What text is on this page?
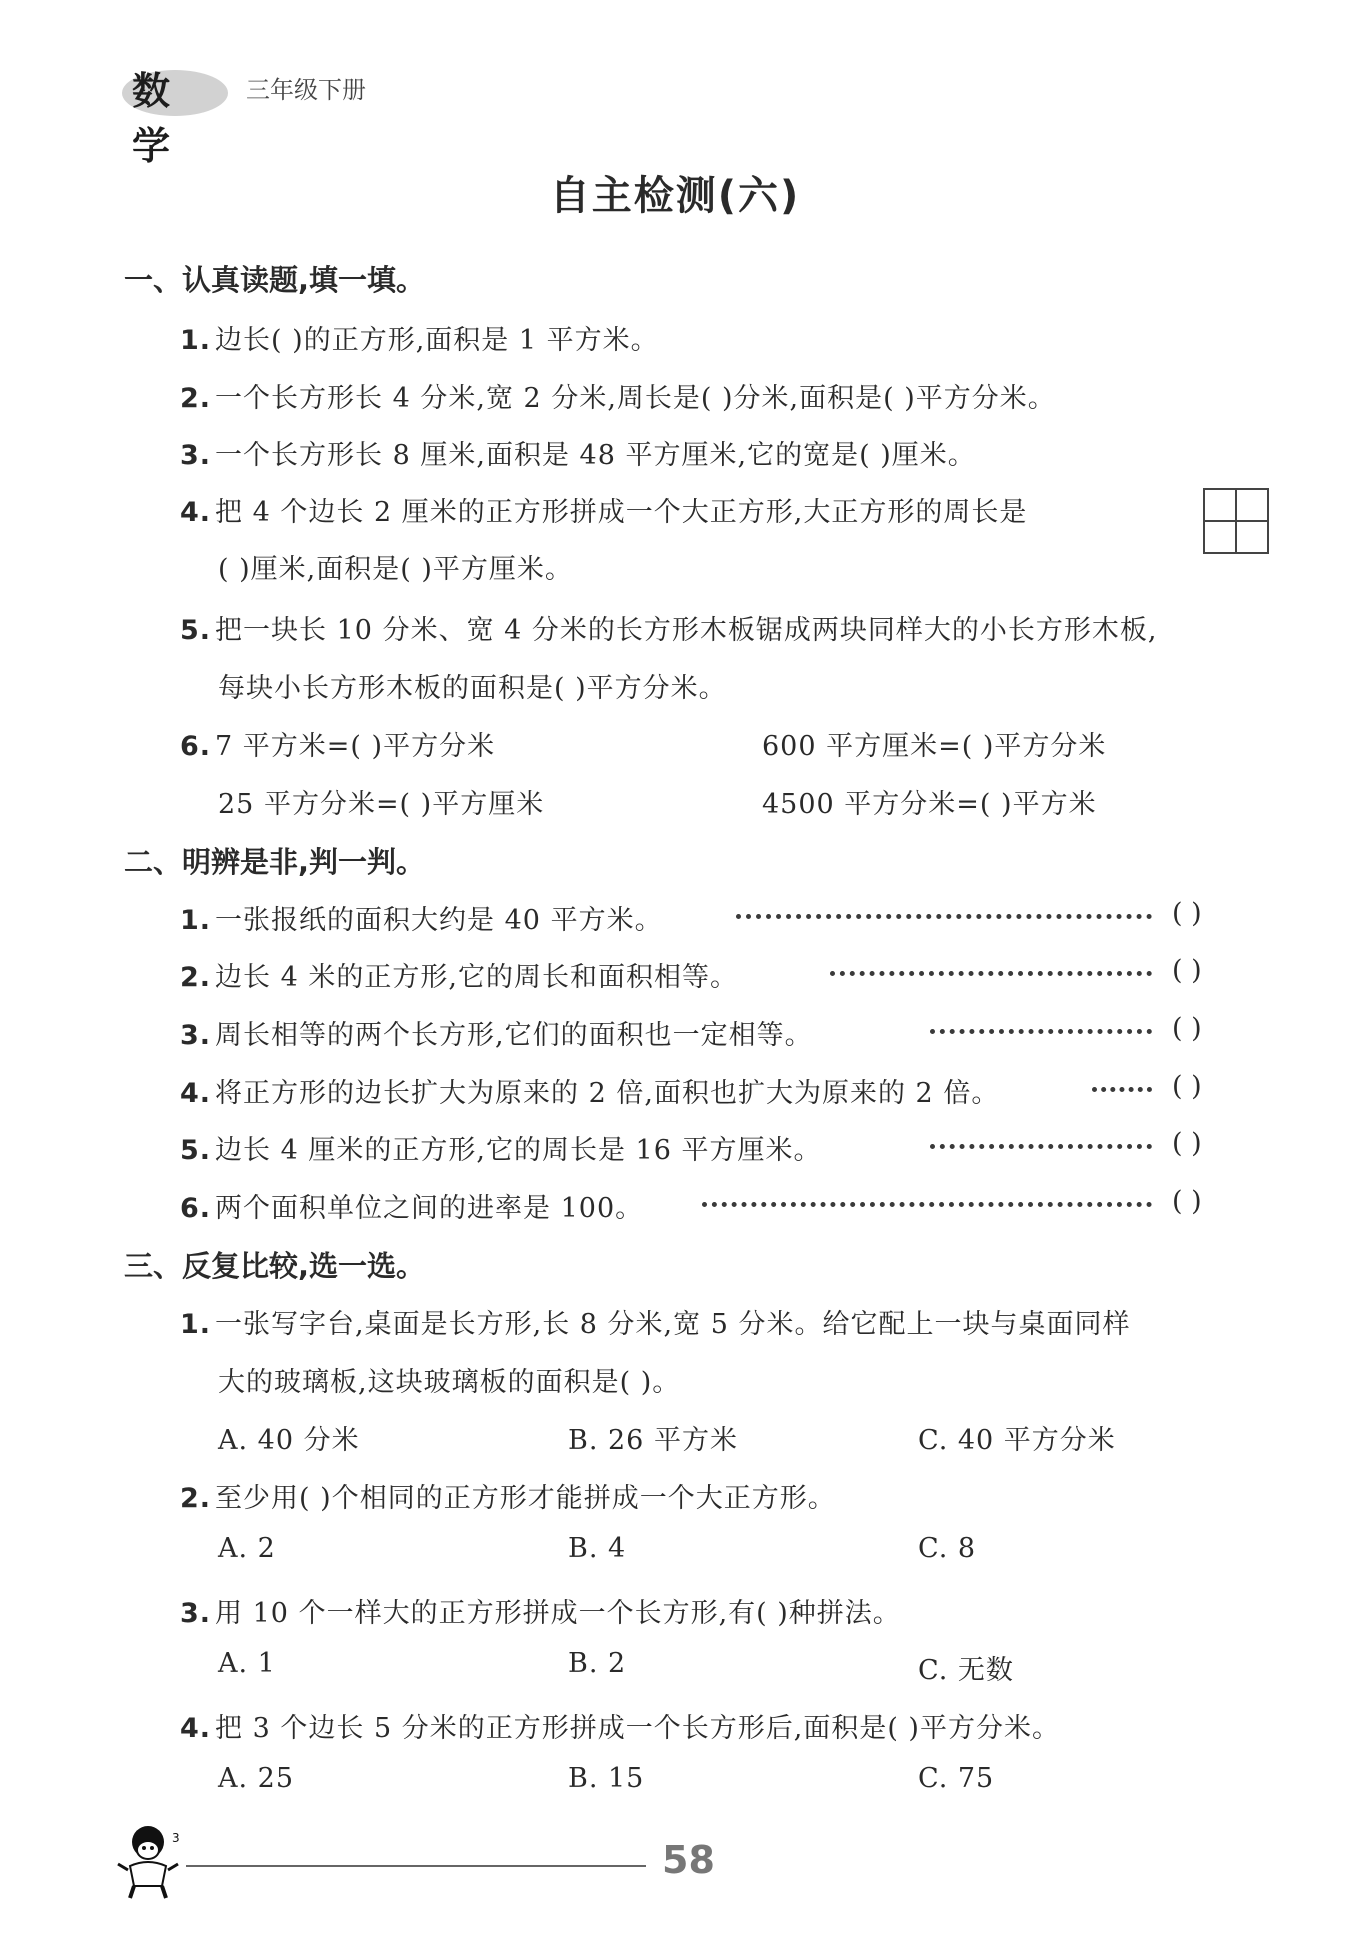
数学
三年级下册
自主检测(六)
一、认真读题,填一填。
1. 边长( )的正方形,面积是 1 平方米。
2. 一个长方形长 4 分米,宽 2 分米,周长是( )分米,面积是( )平方分米。
3. 一个长方形长 8 厘米,面积是 48 平方厘米,它的宽是( )厘米。
4. 把 4 个边长 2 厘米的正方形拼成一个大正方形,大正方形的周长是
( )厘米,面积是( )平方厘米。
5. 把一块长 10 分米、宽 4 分米的长方形木板锯成两块同样大的小长方形木板,
每块小长方形木板的面积是( )平方分米。
6. 7 平方米=( )平方分米	600 平方厘米=( )平方分米
25 平方分米=( )平方厘米	4500 平方分米=( )平方米
二、明辨是非,判一判。
1. 一张报纸的面积大约是 40 平方米。	( )
2. 边长 4 米的正方形,它的周长和面积相等。	( )
3. 周长相等的两个长方形,它们的面积也一定相等。	( )
4. 将正方形的边长扩大为原来的 2 倍,面积也扩大为原来的 2 倍。	( )
5. 边长 4 厘米的正方形,它的周长是 16 平方厘米。	( )
6. 两个面积单位之间的进率是 100。	( )
三、反复比较,选一选。
1. 一张写字台,桌面是长方形,长 8 分米,宽 5 分米。给它配上一块与桌面同样
大的玻璃板,这块玻璃板的面积是( )。
A. 40 分米	B. 26 平方米	C. 40 平方分米
2. 至少用( )个相同的正方形才能拼成一个大正方形。
A. 2	B. 4	C. 8
3. 用 10 个一样大的正方形拼成一个长方形,有( )种拼法。
A. 1	B. 2	C. 无数
4. 把 3 个边长 5 分米的正方形拼成一个长方形后,面积是( )平方分米。
A. 25	B. 15	C. 75
3	58
